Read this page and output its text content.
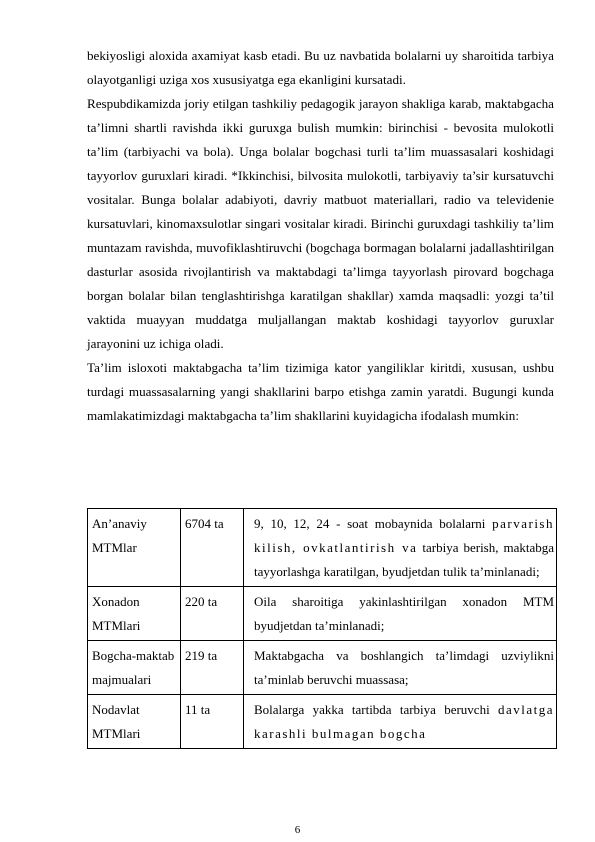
bekiyosligi aloxida axamiyat kasb etadi. Bu uz navbatida bolalarni uy sharoitida tarbiya olayotganligi uziga xos xususiyatga ega ekanligini kursatadi.

Respubdikamizda joriy etilgan tashkiliy pedagogik jarayon shakliga karab, maktabgacha ta’limni shartli ravishda ikki guruxga bulish mumkin: birinchisi - bevosita mulokotli ta’lim (tarbiyachi va bola). Unga bolalar bogchasi turli ta’lim muassasalari koshidagi tayyorlov guruxlari kiradi. *Ikkinchisi, bilvosita mulokotli, tarbiyaviy ta’sir kursatuvchi vositalar. Bunga bolalar adabiyoti, davriy matbuot materiallari, radio va televidenie kursatuvlari, kinomaxsulotlar singari vositalar kiradi. Birinchi guruxdagi tashkiliy ta’lim muntazam ravishda, muvofiklashtiruvchi (bogchaga bormagan bolalarni jadallashtirilgan dasturlar asosida rivojlantirish va maktabdagi ta’limga tayyorlash pirovard bogchaga borgan bolalar bilan tenglashtirishga karatilgan shakllar) xamda maqsadli: yozgi ta’til vaktida muayyan muddatga muljallangan maktab koshidagi tayyorlov guruxlar jarayonini uz ichiga oladi.

Ta’lim isloxoti maktabgacha ta’lim tizimiga kator yangiliklar kiritdi, xususan, ushbu turdagi muassasalarning yangi shakllarini barpo etishga zamin yaratdi. Bugungi kunda mamlakatimizdagi maktabgacha ta’lim shakllarini kuyidagicha ifodalash mumkin:

An’anaviy MTMlar	6704 ta	9, 10, 12, 24 - soat mobaynida bolalarni parvarish kilish, ovkatlantirish va tarbiya berish, maktabga tayyorlashga karatilgan, byudjetdan tulik ta’minlanadi;
Xonadon MTMlari	220 ta	Oila sharoitiga yakinlashtirilgan xonadon MTM byudjetdan ta’minlanadi;
Bogcha-maktab majmualari	219 ta	Maktabgacha va boshlangich ta’limdagi uzviylikni ta’minlab beruvchi muassasa;
Nodavlat MTMlari	11 ta	Bolalarga yakka tartibda tarbiya beruvchi davlatga karashli bulmagan bogcha
6
